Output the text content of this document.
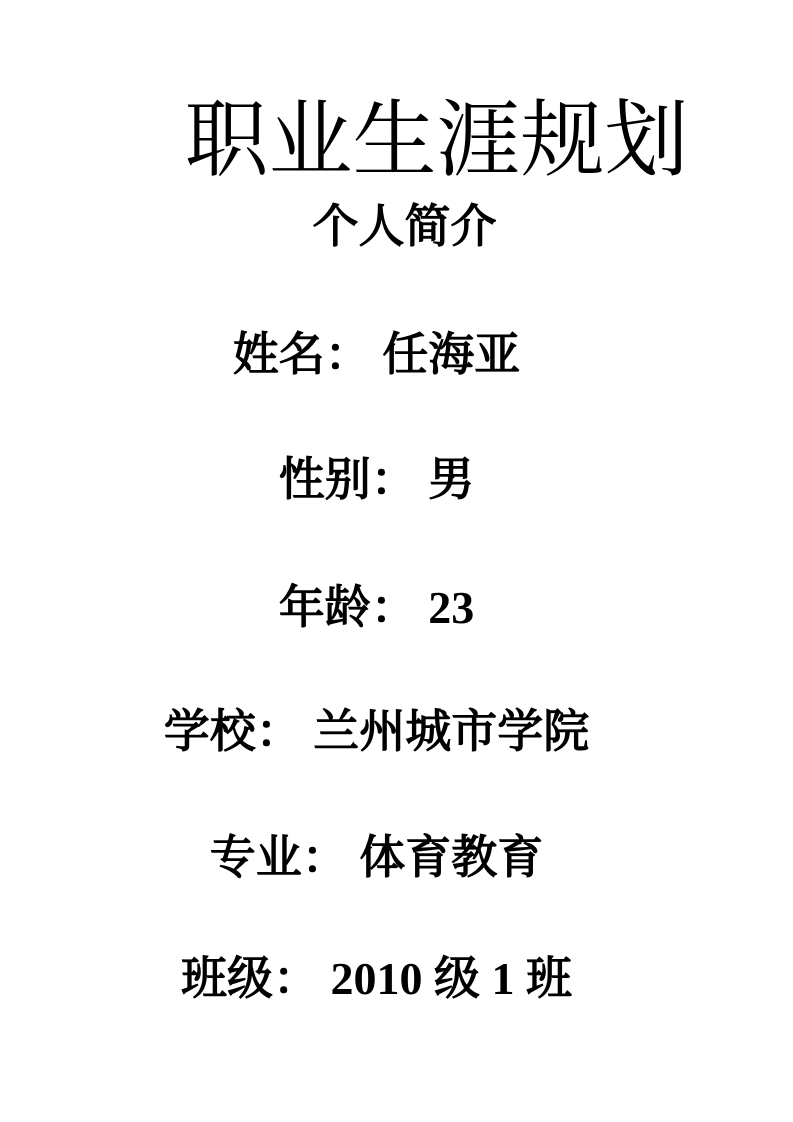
职业生涯规划
个人简介

姓名： 任海亚

性别： 男

年龄： 23

学校： 兰州城市学院

专业： 体育教育

班级： 2010 级 1 班
